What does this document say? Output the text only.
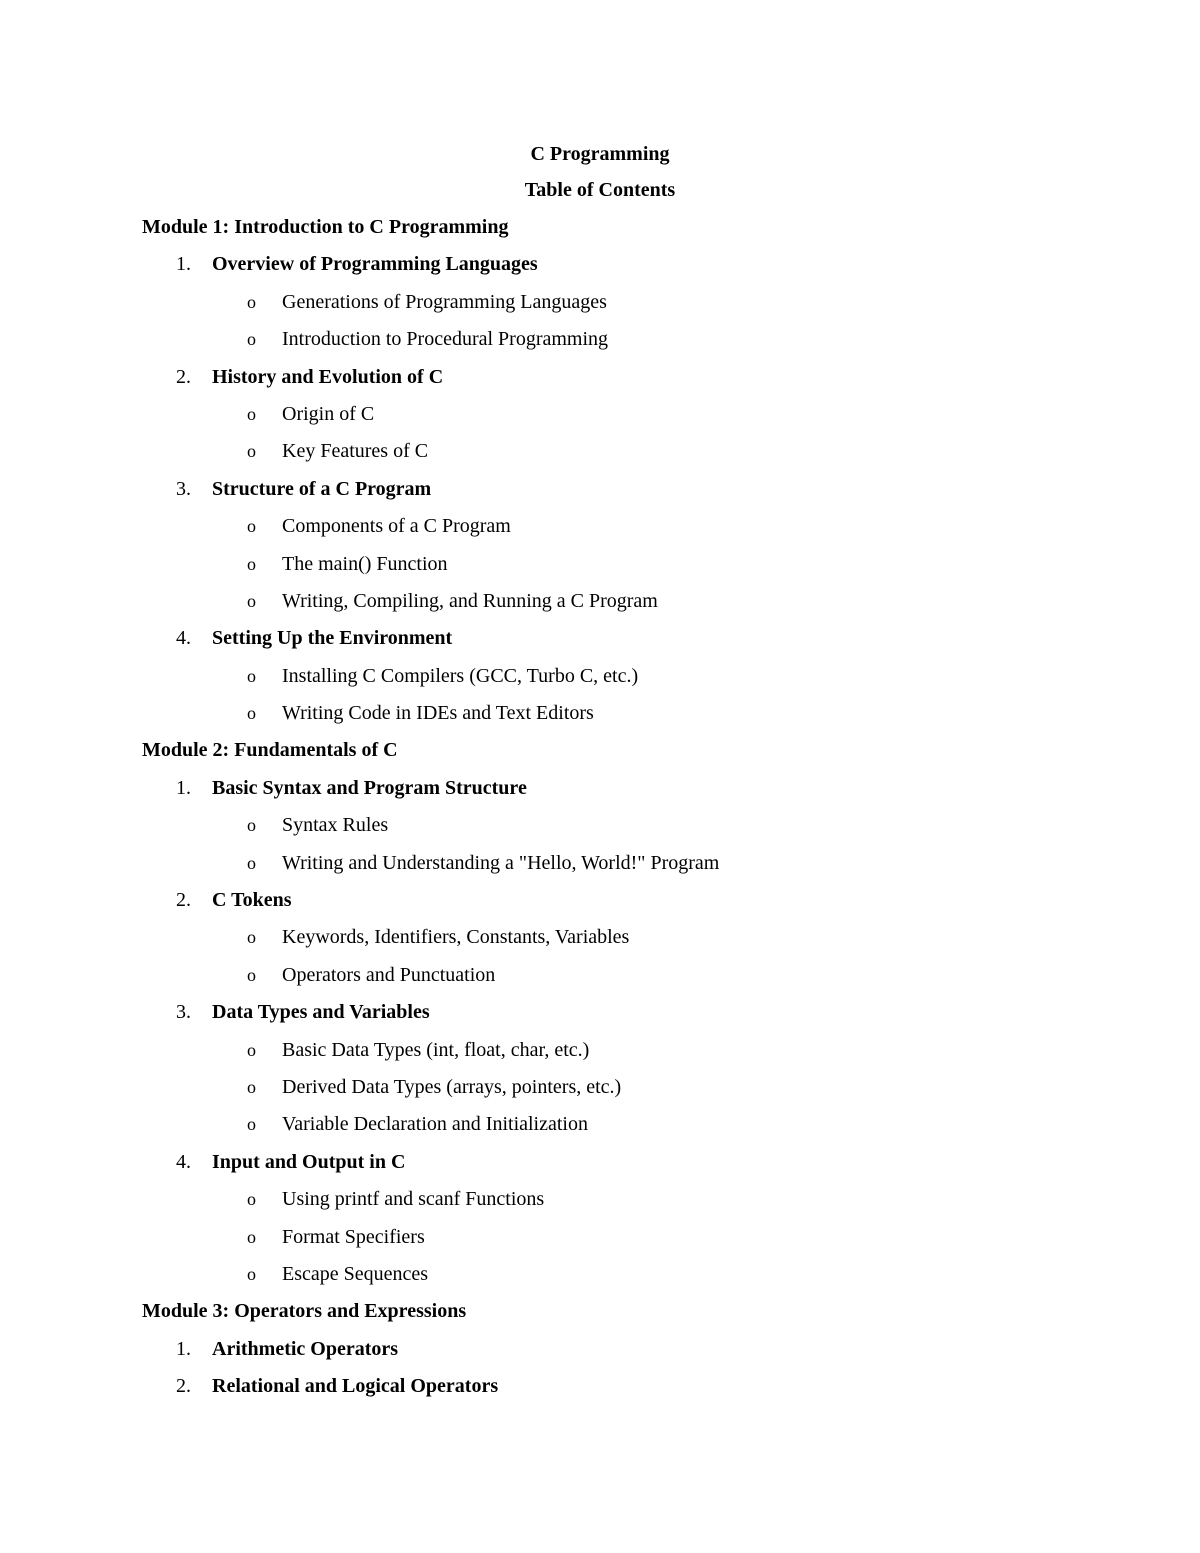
C Programming
Table of Contents
Module 1: Introduction to C Programming
1. Overview of Programming Languages
o Generations of Programming Languages
o Introduction to Procedural Programming
2. History and Evolution of C
o Origin of C
o Key Features of C
3. Structure of a C Program
o Components of a C Program
o The main() Function
o Writing, Compiling, and Running a C Program
4. Setting Up the Environment
o Installing C Compilers (GCC, Turbo C, etc.)
o Writing Code in IDEs and Text Editors
Module 2: Fundamentals of C
1. Basic Syntax and Program Structure
o Syntax Rules
o Writing and Understanding a "Hello, World!" Program
2. C Tokens
o Keywords, Identifiers, Constants, Variables
o Operators and Punctuation
3. Data Types and Variables
o Basic Data Types (int, float, char, etc.)
o Derived Data Types (arrays, pointers, etc.)
o Variable Declaration and Initialization
4. Input and Output in C
o Using printf and scanf Functions
o Format Specifiers
o Escape Sequences
Module 3: Operators and Expressions
1. Arithmetic Operators
2. Relational and Logical Operators
